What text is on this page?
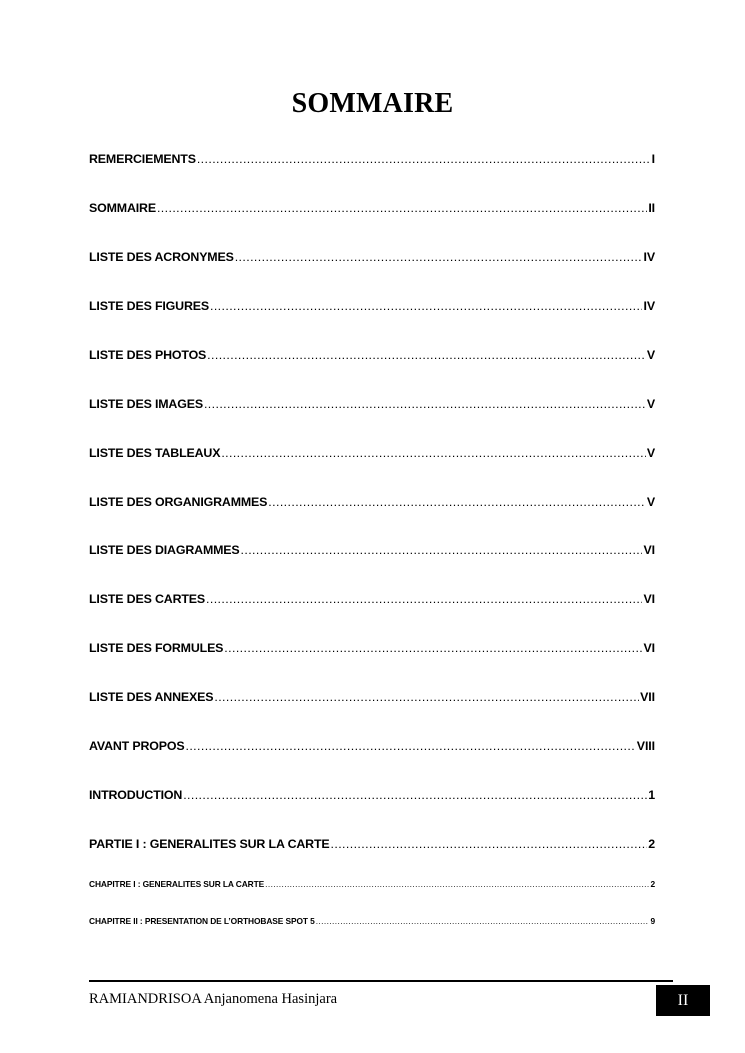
SOMMAIRE
REMERCIEMENTS .....	I
SOMMAIRE .....	II
LISTE DES ACRONYMES .....	IV
LISTE DES FIGURES .....	IV
LISTE DES PHOTOS .....	V
LISTE DES IMAGES .....	V
LISTE DES TABLEAUX .....	V
LISTE DES ORGANIGRAMMES .....	V
LISTE DES DIAGRAMMES .....	VI
LISTE DES CARTES .....	VI
LISTE DES FORMULES .....	VI
LISTE DES ANNEXES .....	VII
AVANT PROPOS .....	VIII
INTRODUCTION .....	1
PARTIE I : GENERALITES SUR LA CARTE .....	2
CHAPITRE I : GENERALITES SUR LA CARTE .....	2
CHAPITRE II : PRESENTATION DE L’ORTHOBASE SPOT 5 .....	9
RAMIANDRISOA Anjanomena Hasinjara	II
